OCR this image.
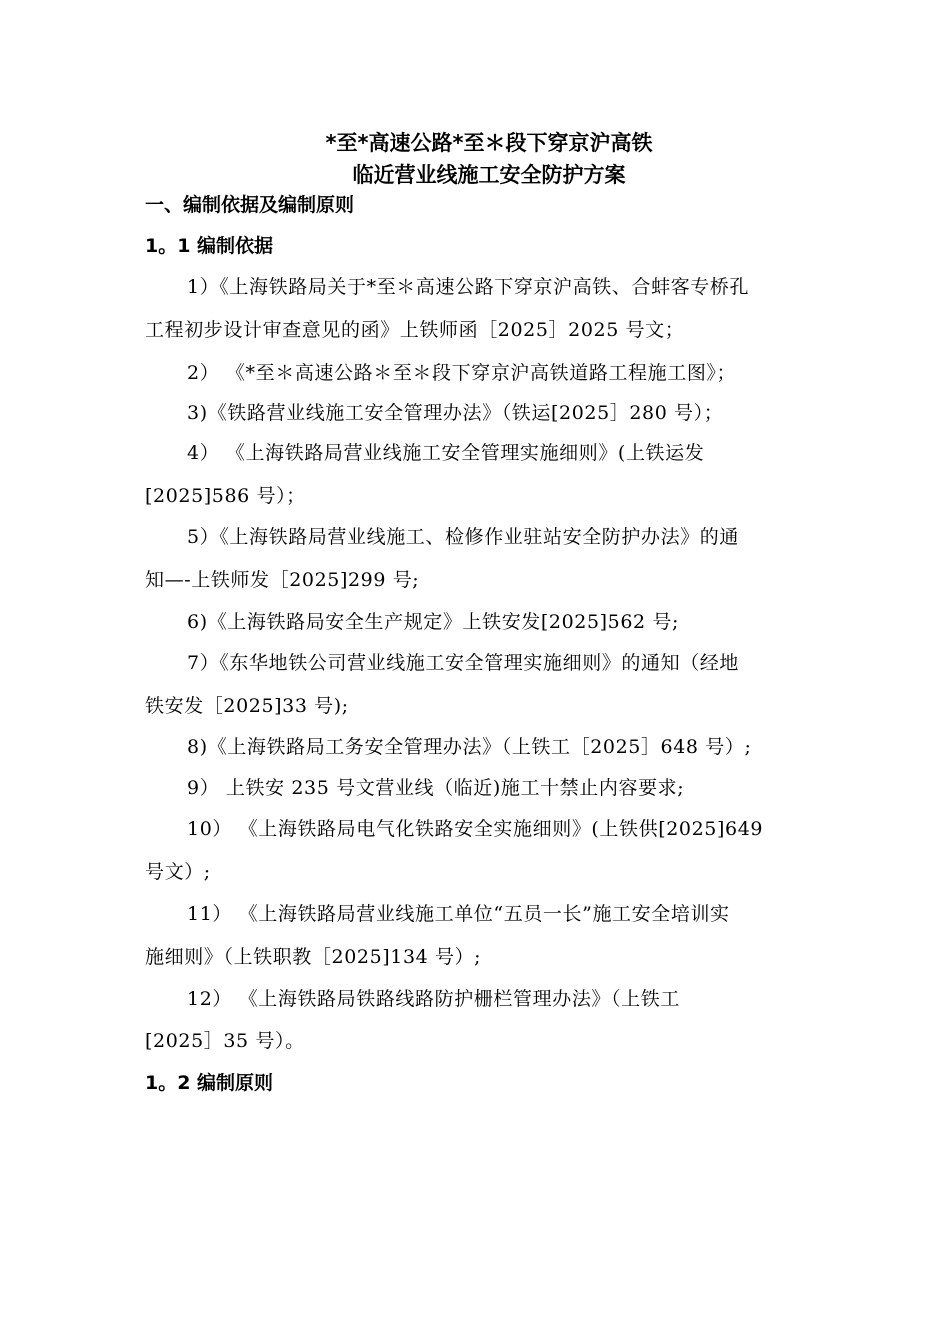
*至*高速公路*至＊段下穿京沪高铁
临近营业线施工安全防护方案
一、编制依据及编制原则
1。1 编制依据
1）《上海铁路局关于*至＊高速公路下穿京沪高铁、合蚌客专桥孔
工程初步设计审查意见的函》上铁师函［2025］2025 号文；
2） 《*至＊高速公路＊至＊段下穿京沪高铁道路工程施工图》；
3)《铁路营业线施工安全管理办法》（铁运[2025］280 号）；
4） 《上海铁路局营业线施工安全管理实施细则》(上铁运发
[2025]586 号）；
5）《上海铁路局营业线施工、检修作业驻站安全防护办法》的通
知—-上铁师发［2025]299 号;
6)《上海铁路局安全生产规定》上铁安发[2025]562 号;
7）《东华地铁公司营业线施工安全管理实施细则》的通知（经地
铁安发［2025]33 号);
8)《上海铁路局工务安全管理办法》（上铁工［2025］648 号）;
9） 上铁安 235 号文营业线（临近)施工十禁止内容要求;
10） 《上海铁路局电气化铁路安全实施细则》(上铁供[2025]649
号文）;
11） 《上海铁路局营业线施工单位“五员一长”施工安全培训实
施细则》（上铁职教［2025]134 号）;
12） 《上海铁路局铁路线路防护栅栏管理办法》（上铁工
[2025］35 号）。
1。2 编制原则
